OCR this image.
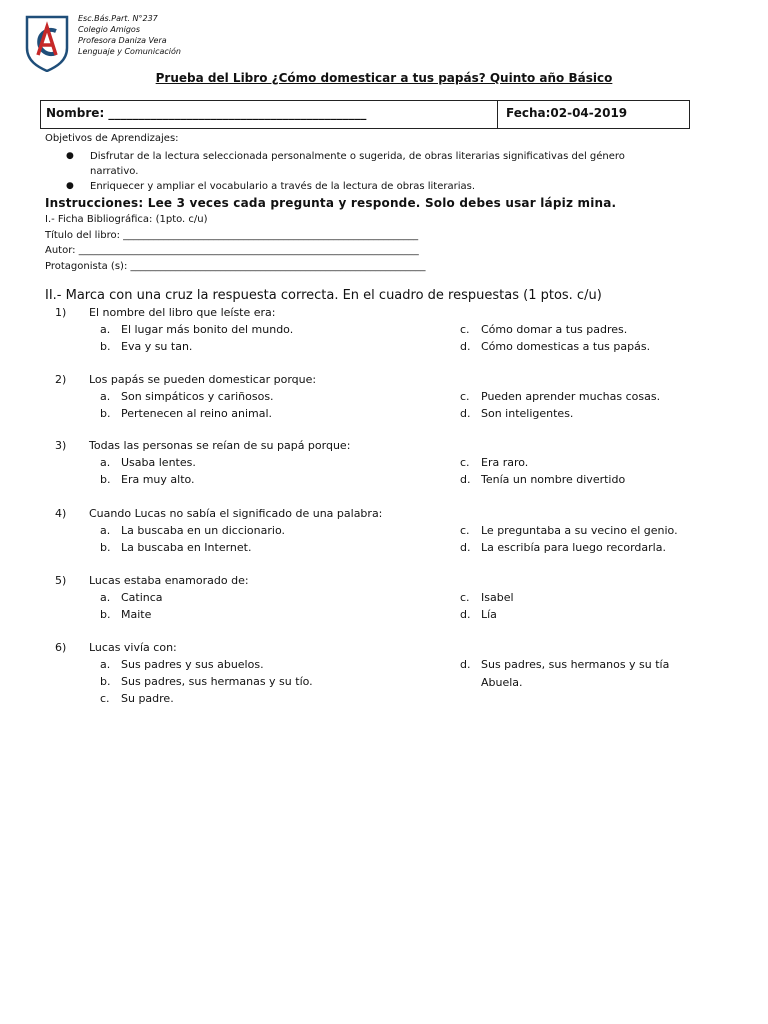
Esc.Bás.Part. N°237
Colegio Amigos
Profesora Daniza Vera
Lenguaje y Comunicación
Prueba del Libro ¿Cómo domesticar a tus papás? Quinto año Básico
Nombre: ___________________________________________	Fecha:02-04-2019
Objetivos de Aprendizajes:
● Disfrutar de la lectura seleccionada personalmente o sugerida, de obras literarias significativas del género
narrativo.
● Enriquecer y ampliar el vocabulario a través de la lectura de obras literarias.
Instrucciones: Lee 3 veces cada pregunta y responde. Solo debes usar lápiz mina.
I.- Ficha Bibliográfica: (1pto. c/u)
Título del libro: ___________________________________________________________
Autor: ____________________________________________________________________
Protagonista (s): ___________________________________________________________
II.- Marca con una cruz la respuesta correcta. En el cuadro de respuestas (1 ptos. c/u)
1) El nombre del libro que leíste era:
a. El lugar más bonito del mundo.
b. Eva y su tan.
c. Cómo domar a tus padres.
d. Cómo domesticas a tus papás.
2) Los papás se pueden domesticar porque:
a. Son simpáticos y cariñosos.
b. Pertenecen al reino animal.
c. Pueden aprender muchas cosas.
d. Son inteligentes.
3) Todas las personas se reían de su papá porque:
a. Usaba lentes.
b. Era muy alto.
c. Era raro.
d. Tenía un nombre divertido
4) Cuando Lucas no sabía el significado de una palabra:
a. La buscaba en un diccionario.
b. La buscaba en Internet.
c. Le preguntaba a su vecino el genio.
d. La escribía para luego recordarla.
5) Lucas estaba enamorado de:
a. Catinca
b. Maite
c. Isabel
d. Lía
6) Lucas vivía con:
a. Sus padres y sus abuelos.
b. Sus padres, sus hermanas y su tío.
c. Su padre.
d. Sus padres, sus hermanos y su tía
Abuela.
